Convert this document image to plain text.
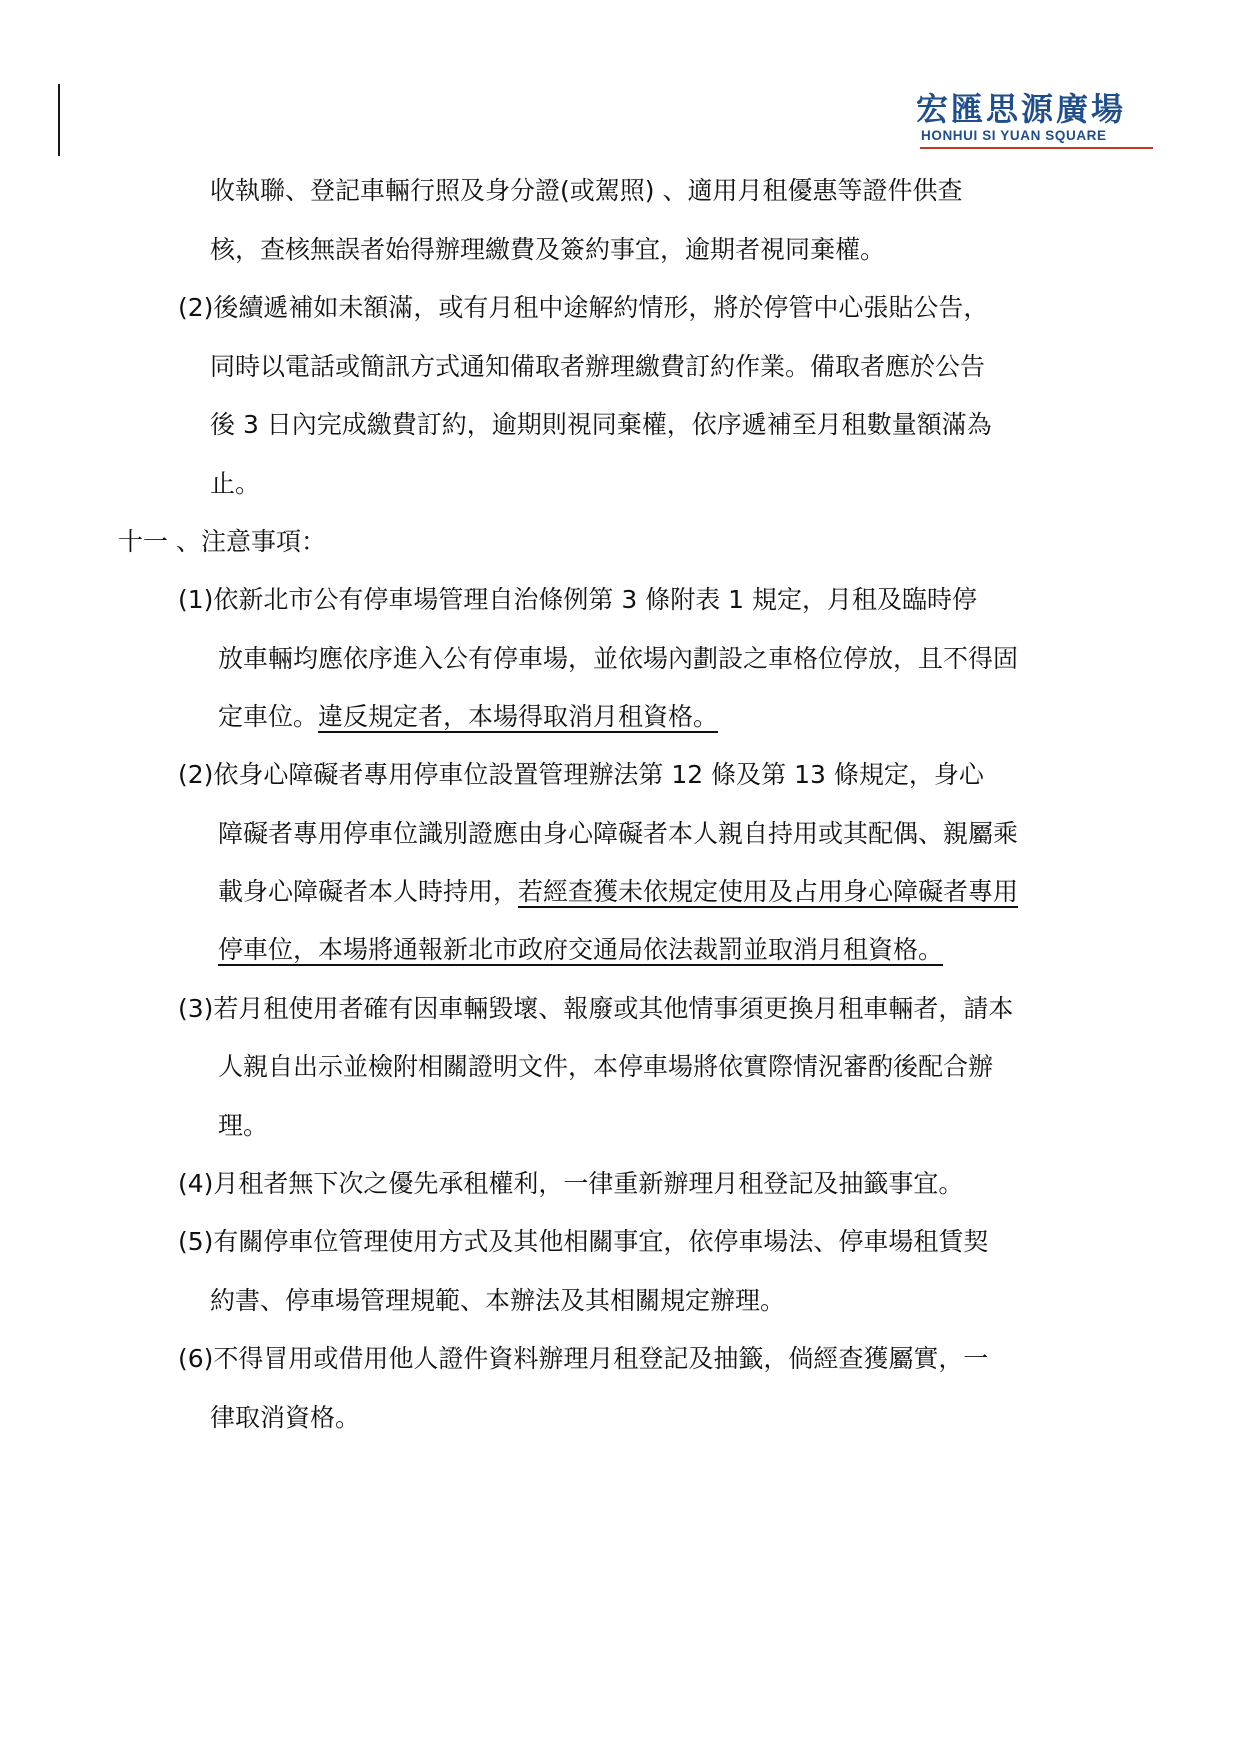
宏匯思源廣場
HONHUI SI YUAN SQUARE
收執聯、登記車輛行照及身分證(或駕照) 、適用月租優惠等證件供查
核，查核無誤者始得辦理繳費及簽約事宜，逾期者視同棄權。
(2)後續遞補如未額滿，或有月租中途解約情形，將於停管中心張貼公告，
同時以電話或簡訊方式通知備取者辦理繳費訂約作業。備取者應於公告
後 3 日內完成繳費訂約，逾期則視同棄權，依序遞補至月租數量額滿為
止。
十一 、注意事項：
(1)依新北市公有停車場管理自治條例第 3 條附表 1 規定，月租及臨時停
放車輛均應依序進入公有停車場，並依場內劃設之車格位停放，且不得固
定車位。違反規定者，本場得取消月租資格。
(2)依身心障礙者專用停車位設置管理辦法第 12 條及第 13 條規定，身心
障礙者專用停車位識別證應由身心障礙者本人親自持用或其配偶、親屬乘
載身心障礙者本人時持用，若經查獲未依規定使用及占用身心障礙者專用
停車位，本場將通報新北市政府交通局依法裁罰並取消月租資格。
(3)若月租使用者確有因車輛毀壞、報廢或其他情事須更換月租車輛者，請本
人親自出示並檢附相關證明文件，本停車場將依實際情況審酌後配合辦
理。
(4)月租者無下次之優先承租權利，一律重新辦理月租登記及抽籤事宜。
(5)有關停車位管理使用方式及其他相關事宜，依停車場法、停車場租賃契
約書、停車場管理規範、本辦法及其相關規定辦理。
(6)不得冒用或借用他人證件資料辦理月租登記及抽籤，倘經查獲屬實，一
律取消資格。
